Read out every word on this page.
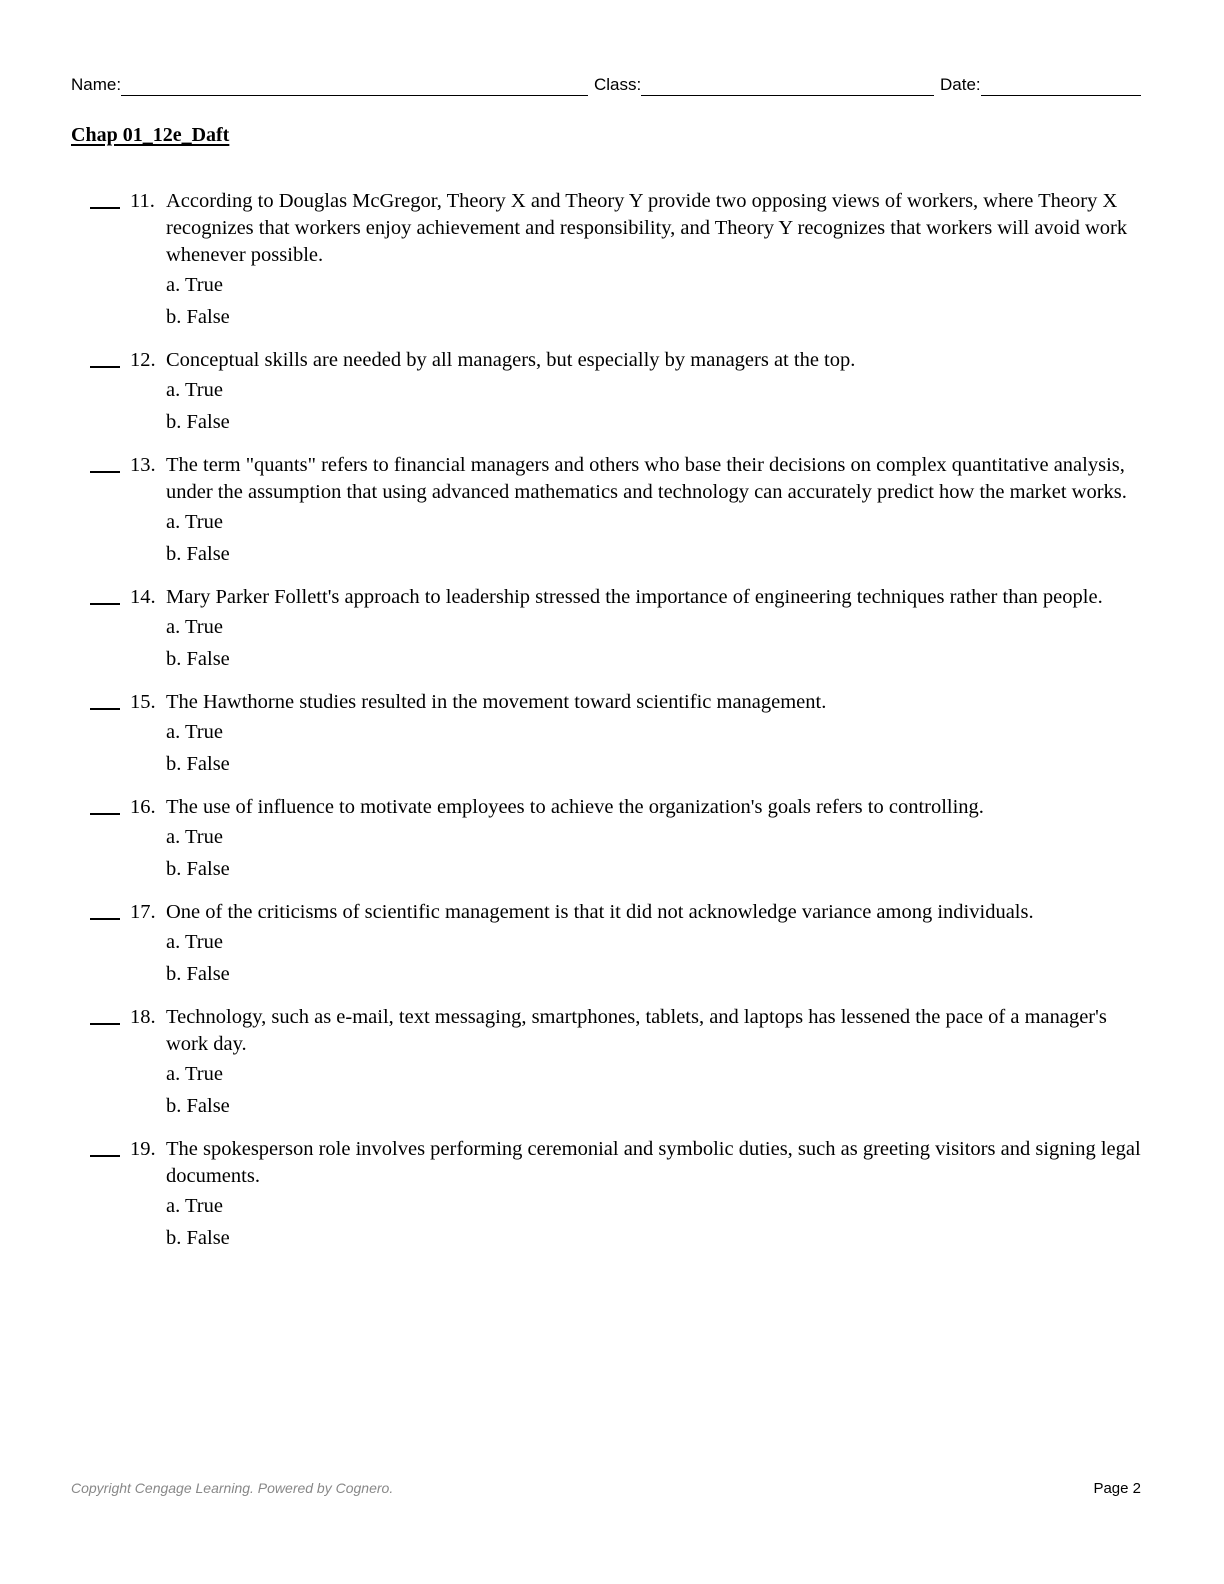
Name:	Class:	Date:
Chap 01_12e_Daft
11. According to Douglas McGregor, Theory X and Theory Y provide two opposing views of workers, where Theory X recognizes that workers enjoy achievement and responsibility, and Theory Y recognizes that workers will avoid work whenever possible.
a. True
b. False
12. Conceptual skills are needed by all managers, but especially by managers at the top.
a. True
b. False
13. The term "quants" refers to financial managers and others who base their decisions on complex quantitative analysis, under the assumption that using advanced mathematics and technology can accurately predict how the market works.
a. True
b. False
14. Mary Parker Follett's approach to leadership stressed the importance of engineering techniques rather than people.
a. True
b. False
15. The Hawthorne studies resulted in the movement toward scientific management.
a. True
b. False
16. The use of influence to motivate employees to achieve the organization's goals refers to controlling.
a. True
b. False
17. One of the criticisms of scientific management is that it did not acknowledge variance among individuals.
a. True
b. False
18. Technology, such as e-mail, text messaging, smartphones, tablets, and laptops has lessened the pace of a manager's work day.
a. True
b. False
19. The spokesperson role involves performing ceremonial and symbolic duties, such as greeting visitors and signing legal documents.
a. True
b. False
Copyright Cengage Learning. Powered by Cognero.	Page 2
